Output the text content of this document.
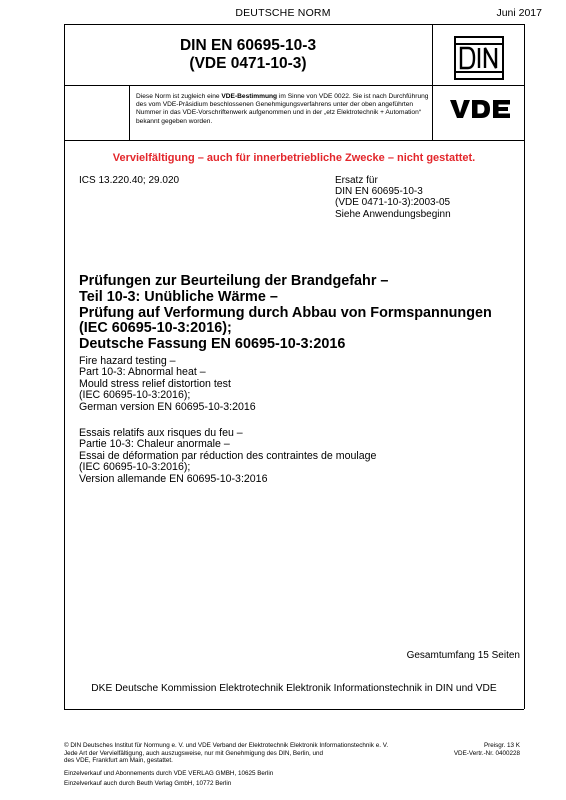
DEUTSCHE NORM	Juni 2017
DIN EN 60695-10-3
(VDE 0471-10-3)
Diese Norm ist zugleich eine VDE-Bestimmung im Sinne von VDE 0022. Sie ist nach Durchführung des vom VDE-Präsidium beschlossenen Genehmigungsverfahrens unter der oben angeführten Nummer in das VDE-Vorschriftenwerk aufgenommen und in der „etz Elektrotechnik + Automation“ bekannt gegeben worden.
Vervielfältigung – auch für innerbetriebliche Zwecke – nicht gestattet.
ICS 13.220.40; 29.020	Ersatz für
DIN EN 60695-10-3
(VDE 0471-10-3):2003-05
Siehe Anwendungsbeginn
Prüfungen zur Beurteilung der Brandgefahr –
Teil 10-3: Unübliche Wärme –
Prüfung auf Verformung durch Abbau von Formspannungen
(IEC 60695-10-3:2016);
Deutsche Fassung EN 60695-10-3:2016
Fire hazard testing –
Part 10-3: Abnormal heat –
Mould stress relief distortion test
(IEC 60695-10-3:2016);
German version EN 60695-10-3:2016
Essais relatifs aux risques du feu –
Partie 10-3: Chaleur anormale –
Essai de déformation par réduction des contraintes de moulage
(IEC 60695-10-3:2016);
Version allemande EN 60695-10-3:2016
Gesamtumfang 15 Seiten
DKE Deutsche Kommission Elektrotechnik Elektronik Informationstechnik in DIN und VDE
© DIN Deutsches Institut für Normung e. V. und VDE Verband der Elektrotechnik Elektronik Informationstechnik e. V.
Jede Art der Vervielfältigung, auch auszugsweise, nur mit Genehmigung des DIN, Berlin, und
des VDE, Frankfurt am Main, gestattet.
Preisgr. 13 K
VDE-Vertr.-Nr. 0400228
Einzelverkauf und Abonnements durch VDE VERLAG GMBH, 10625 Berlin
Einzelverkauf auch durch Beuth Verlag GmbH, 10772 Berlin
